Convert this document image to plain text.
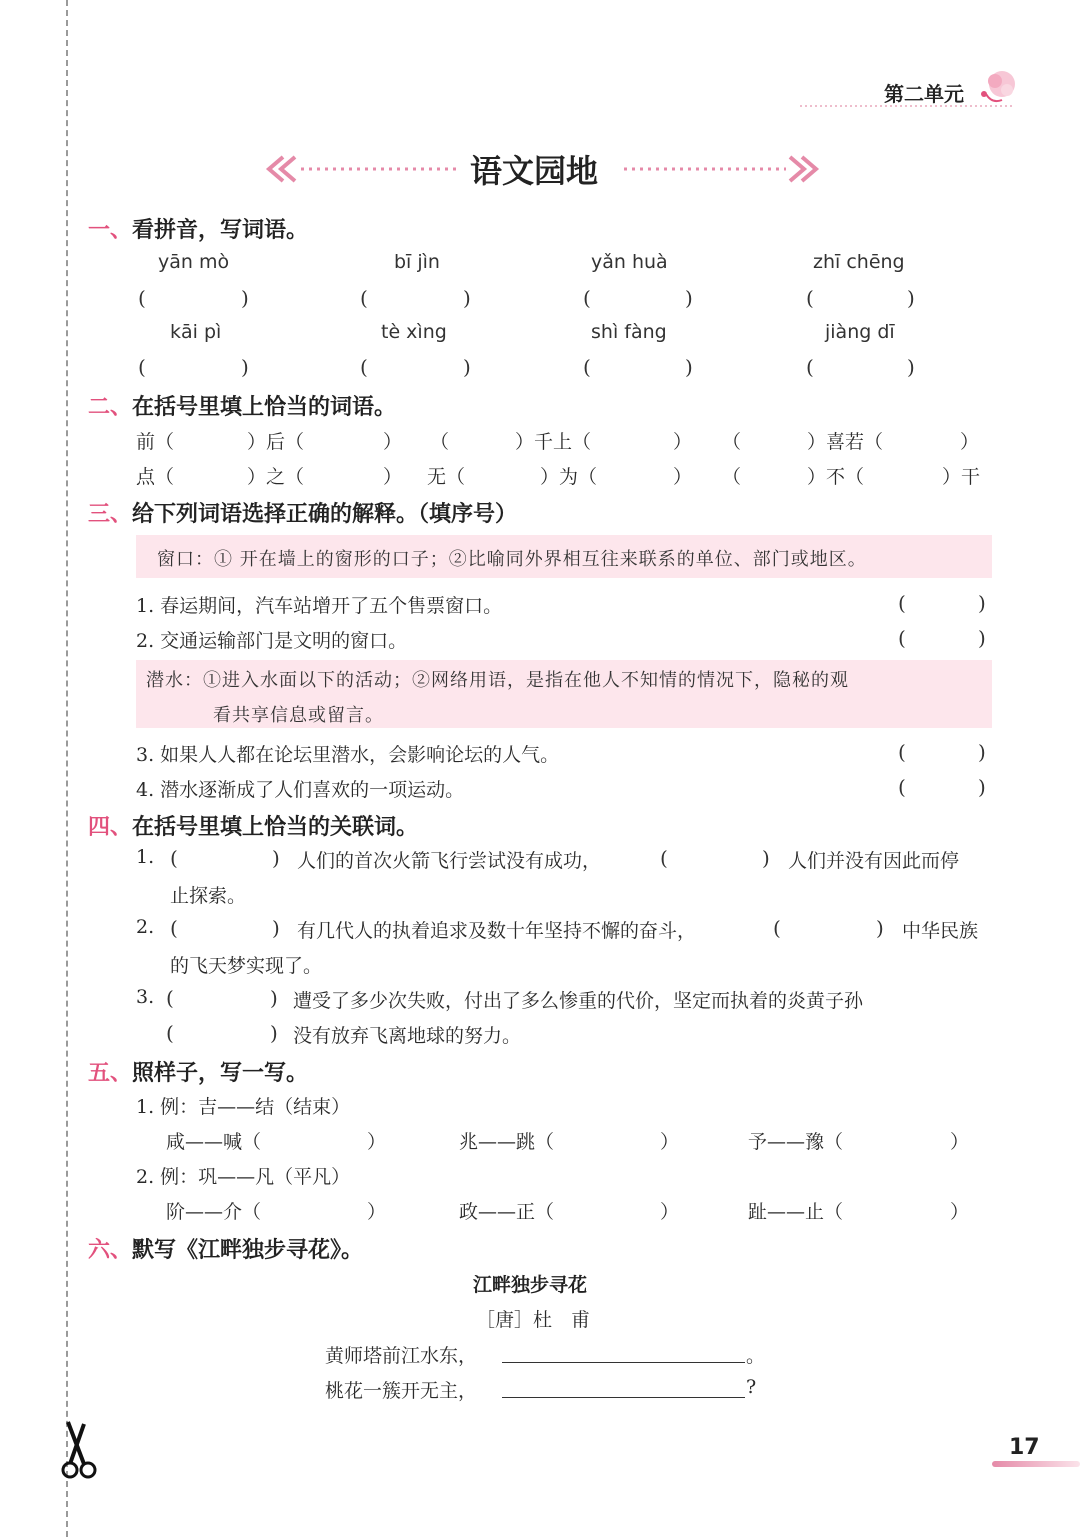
第二单元
语文园地
一、看拼音，写词语。
yān mò	bī jìn	yǎn huà	zhī chēng
(	)	(	)	(	)	(	)
kāi pì	tè xìng	shì fàng	jiàng dī
(	)	(	)	(	)	(	)
二、在括号里填上恰当的词语。
前（	）后（	） （	）千上（	） （	）喜若（	）
点（	）之（	） 无（	）为（	） （	）不（	）干
三、给下列词语选择正确的解释。（填序号）
窗口：① 开在墙上的窗形的口子；②比喻同外界相互往来联系的单位、部门或地区。
1. 春运期间，汽车站增开了五个售票窗口。	(	)
2. 交通运输部门是文明的窗口。	(	)
潜水：①进入水面以下的活动；②网络用语，是指在他人不知情的情况下，隐秘的观
看共享信息或留言。
3. 如果人人都在论坛里潜水，会影响论坛的人气。	(	)
4. 潜水逐渐成了人们喜欢的一项运动。	(	)
四、在括号里填上恰当的关联词。
1. (	) 人们的首次火箭飞行尝试没有成功，	(	) 人们并没有因此而停
止探索。
2. (	) 有几代人的执着追求及数十年坚持不懈的奋斗，	(	) 中华民族
的飞天梦实现了。
3. (	) 遭受了多少次失败，付出了多么惨重的代价，坚定而执着的炎黄子孙
(	) 没有放弃飞离地球的努力。
五、照样子，写一写。
1. 例：吉——结（结束）
咸——喊（	）	兆——跳（	）	予——豫（	）
2. 例：巩——凡（平凡）
阶——介（	）	政——正（	）	趾——止（	）
六、默写《江畔独步寻花》。
江畔独步寻花
［唐］杜　甫
黄师塔前江水东，	。
桃花一簇开无主，	?
17
